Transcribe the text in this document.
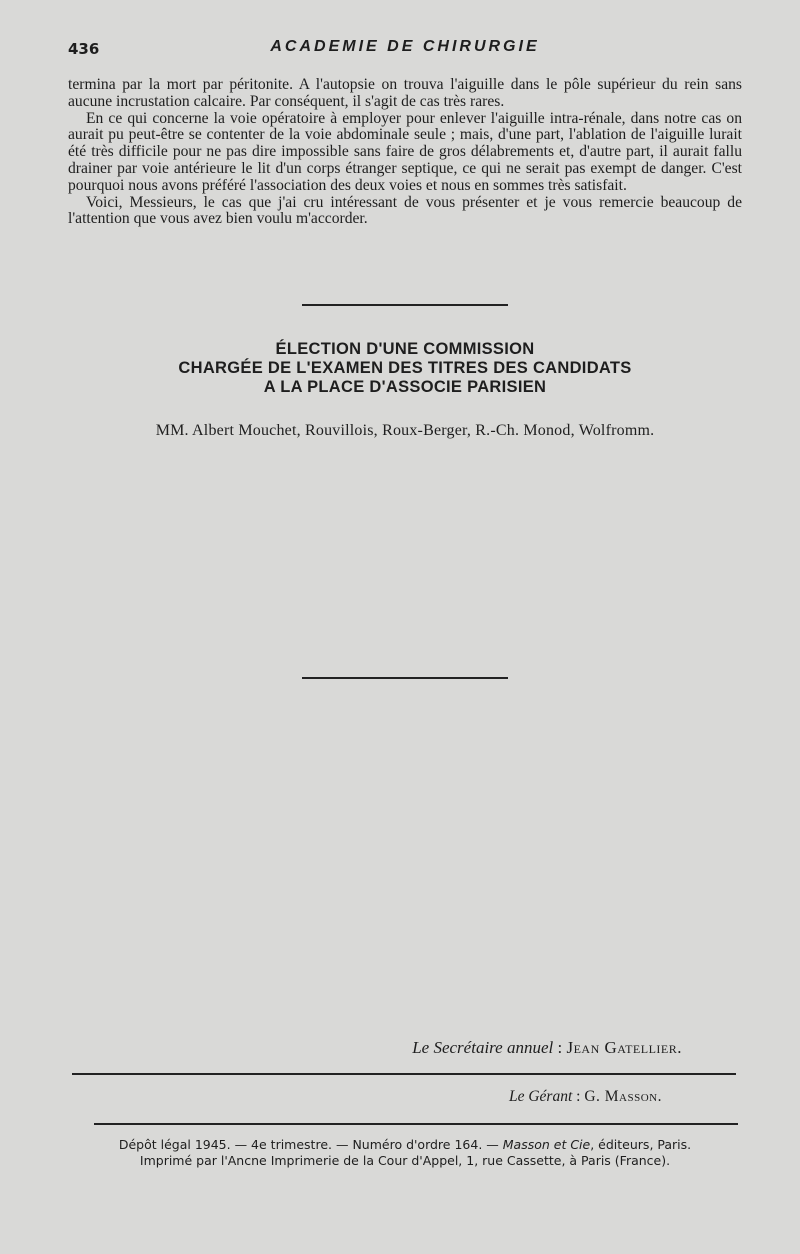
436	ACADEMIE DE CHIRURGIE

termina par la mort par péritonite. A l'autopsie on trouva l'aiguille dans le pôle supérieur du rein sans aucune incrustation calcaire. Par conséquent, il s'agit de cas très rares.

En ce qui concerne la voie opératoire à employer pour enlever l'aiguille intra-rénale, dans notre cas on aurait pu peut-être se contenter de la voie abdominale seule ; mais, d'une part, l'ablation de l'aiguille lurait été très difficile pour ne pas dire impossible sans faire de gros délabrements et, d'autre part, il aurait fallu drainer par voie antérieure le lit d'un corps étranger septique, ce qui ne serait pas exempt de danger. C'est pourquoi nous avons préféré l'association des deux voies et nous en sommes très satisfait.

Voici, Messieurs, le cas que j'ai cru intéressant de vous présenter et je vous remercie beaucoup de l'attention que vous avez bien voulu m'accorder.

ÉLECTION D'UNE COMMISSION
CHARGÉE DE L'EXAMEN DES TITRES DES CANDIDATS
A LA PLACE D'ASSOCIE PARISIEN
MM. Albert Mouchet, Rouvillois, Roux-Berger, R.-Ch. Monod, Wolfromm.
Le Secrétaire annuel : Jean Gatellier.
Le Gérant : G. Masson.
Dépôt légal 1945. — 4e trimestre. — Numéro d'ordre 164. — Masson et Cie, éditeurs, Paris.
Imprimé par l'Ancne Imprimerie de la Cour d'Appel, 1, rue Cassette, à Paris (France).
